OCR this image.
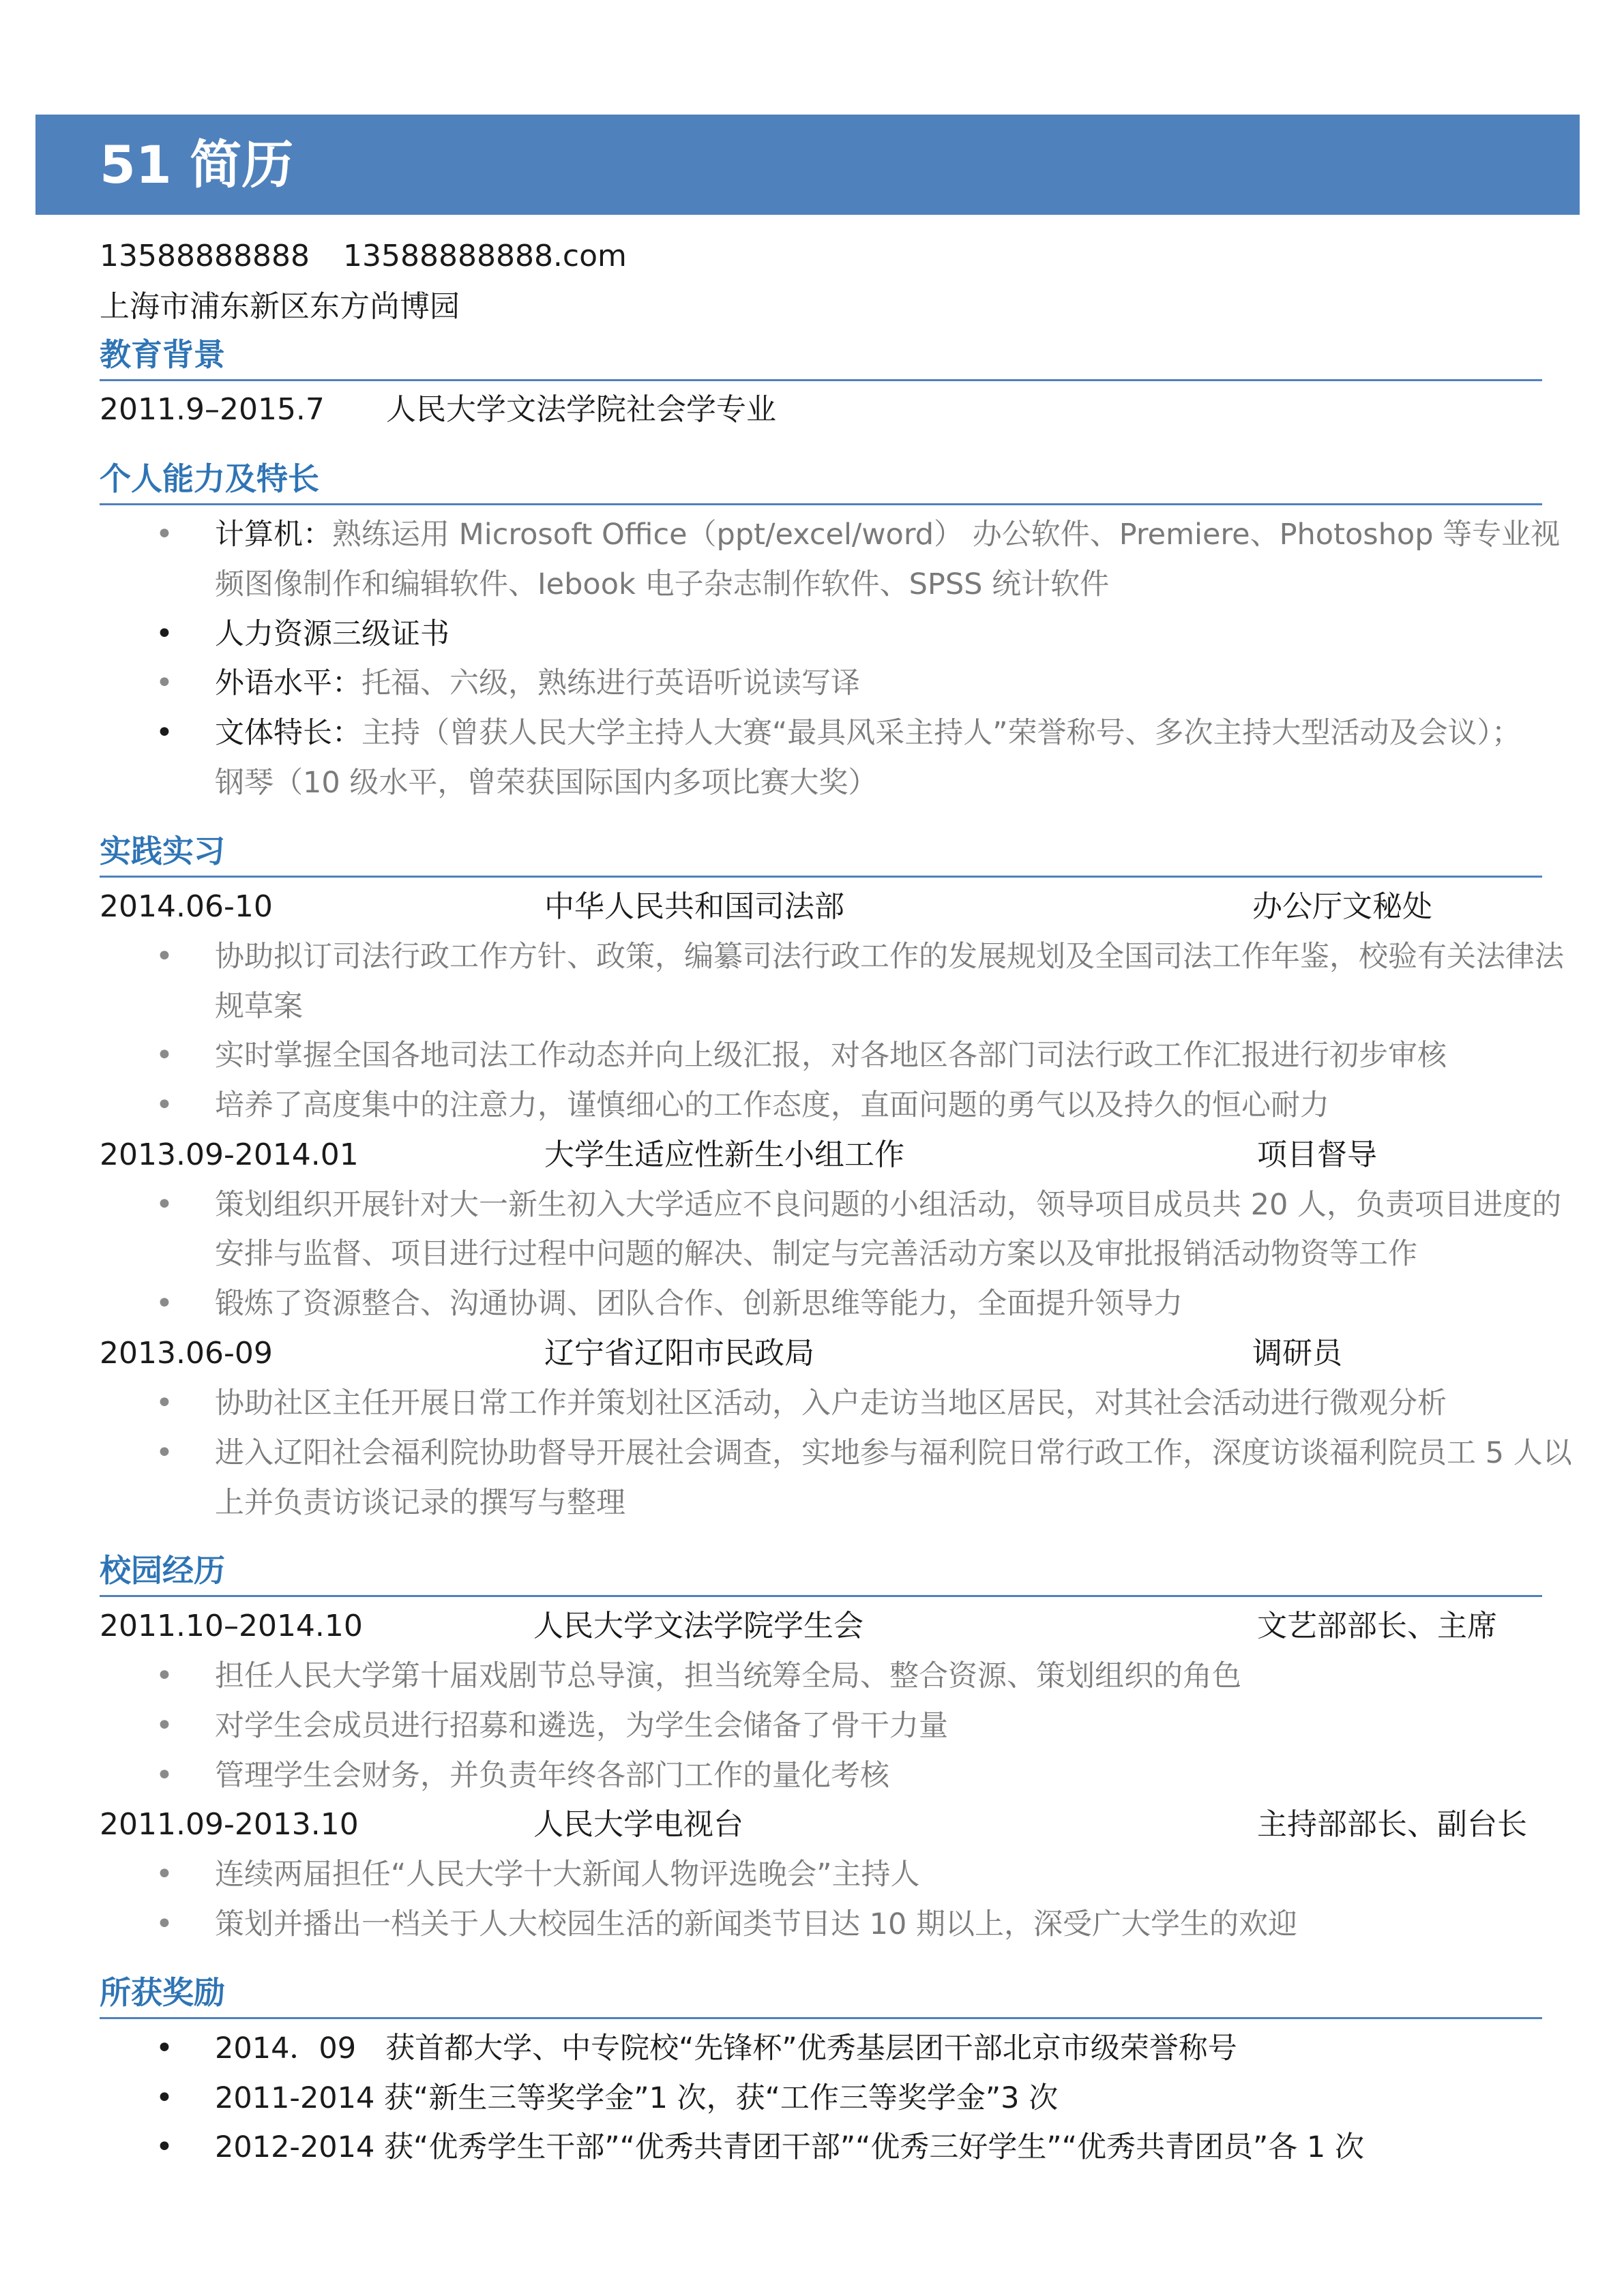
51 简历
13588888888 13588888888.com
上海市浦东新区东方尚博园
教育背景
2011.9–2015.7 人民大学文法学院社会学专业
个人能力及特长
• 计算机：熟练运用 Microsoft Office（ppt/excel/word） 办公软件、Premiere、Photoshop 等专业视
频图像制作和编辑软件、Iebook 电子杂志制作软件、SPSS 统计软件
• 人力资源三级证书
• 外语水平：托福、六级，熟练进行英语听说读写译
• 文体特长：主持（曾获人民大学主持人大赛“最具风采主持人”荣誉称号、多次主持大型活动及会议）；
钢琴（10 级水平，曾荣获国际国内多项比赛大奖）
实践实习
2014.06-10	中华人民共和国司法部	办公厅文秘处
• 协助拟订司法行政工作方针、政策，编纂司法行政工作的发展规划及全国司法工作年鉴，校验有关法律法
规草案
• 实时掌握全国各地司法工作动态并向上级汇报，对各地区各部门司法行政工作汇报进行初步审核
• 培养了高度集中的注意力，谨慎细心的工作态度，直面问题的勇气以及持久的恒心耐力
2013.09-2014.01	大学生适应性新生小组工作	项目督导
• 策划组织开展针对大一新生初入大学适应不良问题的小组活动，领导项目成员共 20 人，负责项目进度的
安排与监督、项目进行过程中问题的解决、制定与完善活动方案以及审批报销活动物资等工作
• 锻炼了资源整合、沟通协调、团队合作、创新思维等能力，全面提升领导力
2013.06-09	辽宁省辽阳市民政局	调研员
• 协助社区主任开展日常工作并策划社区活动，入户走访当地区居民，对其社会活动进行微观分析
• 进入辽阳社会福利院协助督导开展社会调查，实地参与福利院日常行政工作，深度访谈福利院员工 5 人以
上并负责访谈记录的撰写与整理
校园经历
2011.10–2014.10	人民大学文法学院学生会	文艺部部长、主席
• 担任人民大学第十届戏剧节总导演，担当统筹全局、整合资源、策划组织的角色
• 对学生会成员进行招募和遴选，为学生会储备了骨干力量
• 管理学生会财务，并负责年终各部门工作的量化考核
2011.09-2013.10	人民大学电视台	主持部部长、副台长
• 连续两届担任“人民大学十大新闻人物评选晚会”主持人
• 策划并播出一档关于人大校园生活的新闻类节目达 10 期以上，深受广大学生的欢迎
所获奖励
• 2014．09　获首都大学、中专院校“先锋杯”优秀基层团干部北京市级荣誉称号
• 2011-2014 获“新生三等奖学金”1 次，获“工作三等奖学金”3 次
• 2012-2014 获“优秀学生干部”“优秀共青团干部”“优秀三好学生”“优秀共青团员”各 1 次
